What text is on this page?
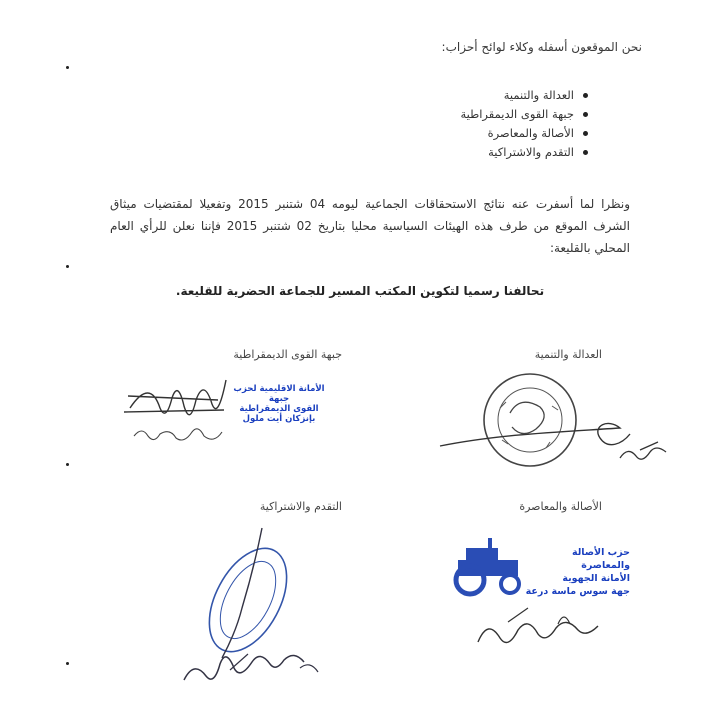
نحن الموقعون أسفله وكلاء لوائح أحزاب:
العدالة والتنمية
جبهة القوى الديمقراطية
الأصالة والمعاصرة
التقدم والاشتراكية
ونظرا لما أسفرت عنه نتائج الاستحقاقات الجماعية ليومه 04 شتنبر 2015 وتفعيلا لمقتضيات ميثاق الشرف الموقع من طرف هذه الهيئات السياسية محليا بتاريخ 02 شتنبر 2015 فإننا نعلن للرأي العام المحلي بالقليعة:
تحالفنا رسميا لتكوين المكتب المسير للجماعة الحضرية للقليعة.
العدالة والتنمية
جبهة القوى الديمقراطية
الأصالة والمعاصرة
التقدم والاشتراكية
الأمانة الاقليمية لحزب جبهة
القوى الديمقراطية
بإنزكان أيت ملول
حزب الأصالة والمعاصرة
الأمانة الجهوية
جهة سوس ماسة درعة
